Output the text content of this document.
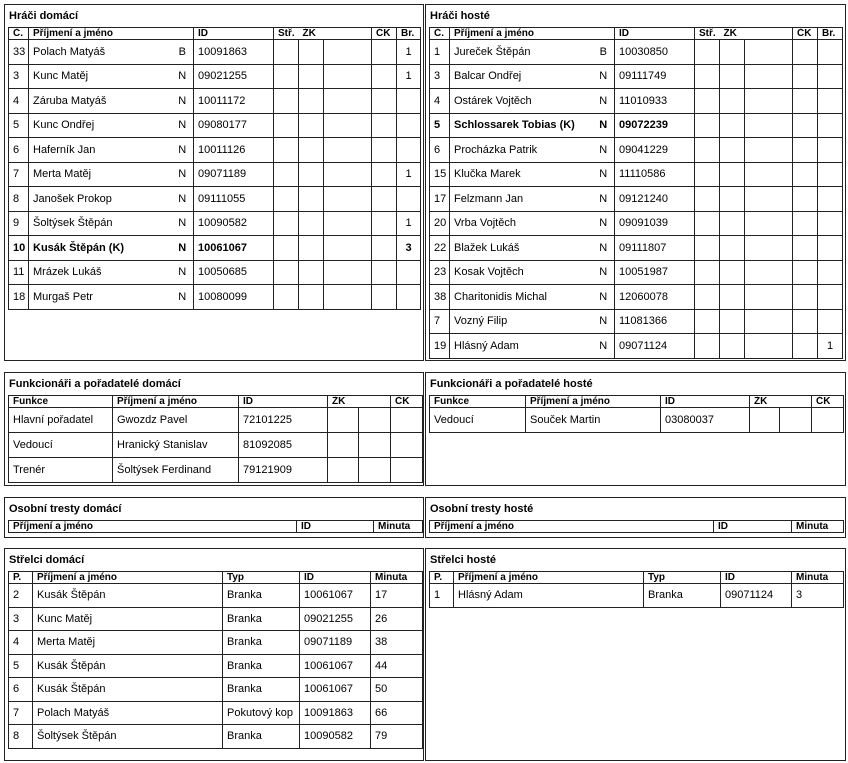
Hráči domácí
Č.	Příjmení a jméno		ID	Stř.	ŽK		ČK	Br.
33	Polach Matyáš	B	10091863					1
3	Kunc Matěj	N	09021255					1
4	Záruba Matyáš	N	10011172					
5	Kunc Ondřej	N	09080177					
6	Haferník Jan	N	10011126					
7	Merta Matěj	N	09071189					1
8	Janošek Prokop	N	09111055					
9	Šoltýsek Štěpán	N	10090582					1
10	Kusák Štěpán (K)	N	10061067					3
11	Mrázek Lukáš	N	10050685					
18	Murgaš Petr	N	10080099					
Hráči hosté
Č.	Příjmení a jméno		ID	Stř.	ŽK		ČK	Br.
1	Jureček Štěpán	B	10030850					
3	Balcar Ondřej	N	09111749					
4	Ostárek Vojtěch	N	11010933					
5	Schlossarek Tobias (K)	N	09072239					
6	Procházka Patrik	N	09041229					
15	Klučka Marek	N	11110586					
17	Felzmann Jan	N	09121240					
20	Vrba Vojtěch	N	09091039					
22	Blažek Lukáš	N	09111807					
23	Kosak Vojtěch	N	10051987					
38	Charitonidis Michal	N	12060078					
7	Vozný Filip	N	11081366					
19	Hlásný Adam	N	09071124					1
Funkcionáři a pořadatelé domácí
Funkce	Příjmení a jméno	ID	ŽK		ČK
Hlavní pořadatel	Gwozdz Pavel	72101225			
Vedoucí	Hranický Stanislav	81092085			
Trenér	Šoltýsek Ferdinand	79121909			
Funkcionáři a pořadatelé hosté
Funkce	Příjmení a jméno	ID	ŽK		ČK
Vedoucí	Souček Martin	03080037			
Osobní tresty domácí
Příjmení a jméno	ID	Minuta
Osobní tresty hosté
Příjmení a jméno	ID	Minuta
Střelci domácí
P.	Příjmení a jméno	Typ	ID	Minuta
2	Kusák Štěpán	Branka	10061067	17
3	Kunc Matěj	Branka	09021255	26
4	Merta Matěj	Branka	09071189	38
5	Kusák Štěpán	Branka	10061067	44
6	Kusák Štěpán	Branka	10061067	50
7	Polach Matyáš	Pokutový kop	10091863	66
8	Šoltýsek Štěpán	Branka	10090582	79
Střelci hosté
P.	Příjmení a jméno	Typ	ID	Minuta
1	Hlásný Adam	Branka	09071124	3
